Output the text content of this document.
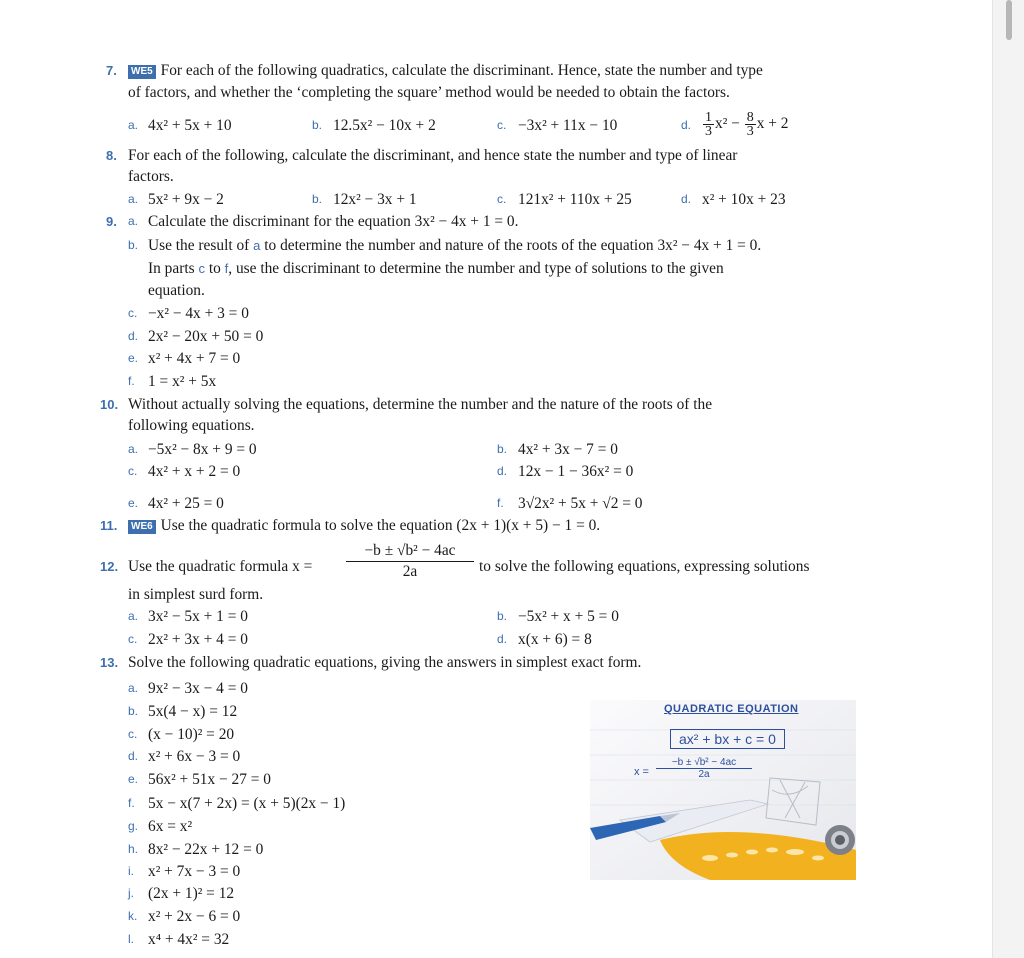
7.	WE5 For each of the following quadratics, calculate the discriminant. Hence, state the number and type
of factors, and whether the ‘completing the square’ method would be needed to obtain the factors.
a. 4x² + 5x + 10	b. 12.5x² − 10x + 2	c. −3x² + 11x − 10	d. $\frac{1}{3} x^2 - \frac{8}{3}$ x + 2
8. For each of the following, calculate the discriminant, and hence state the number and type of linear
factors.
a. 5x² + 9x − 2	b. 12x² − 3x + 1	c. 121x² + 110x + 25	d. x² + 10x + 23
9. a. Calculate the discriminant for the equation 3x² − 4x + 1 = 0.
b. Use the result of a to determine the number and nature of the roots of the equation 3x² − 4x + 1 = 0.
In parts c to f, use the discriminant to determine the number and type of solutions to the given
equation.
c. −x² − 4x + 3 = 0
d. 2x² − 20x + 50 = 0
e. x² + 4x + 7 = 0
f. 1 = x² + 5x
10. Without actually solving the equations, determine the number and the nature of the roots of the
following equations.
a. −5x² − 8x + 9 = 0	b. 4x² + 3x − 7 = 0
c. 4x² + x + 2 = 0	d. 12x − 1 − 36x² = 0
e. 4x² + 25 = 0	f. 3√2x² + 5x + √2 = 0
11.	WE6 Use the quadratic formula to solve the equation (2x + 1)(x + 5) − 1 = 0.
12. Use the quadratic formula x =
−b ± √b² − 4ac
2a	to solve the following equations, expressing solutions
in simplest surd form.
a. 3x² − 5x + 1 = 0	b. −5x² + x + 5 = 0
c. 2x² + 3x + 4 = 0	d. x(x + 6) = 8
13. Solve the following quadratic equations, giving the answers in simplest exact form.
a. 9x² − 3x − 4 = 0
b. 5x(4 − x) = 12
c. (x − 10)² = 20
d. x² + 6x − 3 = 0
e. 56x² + 51x − 27 = 0
f. 5x − x(7 + 2x) = (x + 5)(2x − 1)
g. 6x = x²
h. 8x² − 22x + 12 = 0
i. x² + 7x − 3 = 0
j. (2x + 1)² = 12
k. x² + 2x − 6 = 0
l. x⁴ + 4x² = 32
QUADRATIC EQUATION
ax² + bx + c = 0
x =
−b ± √b² − 4ac
2a
